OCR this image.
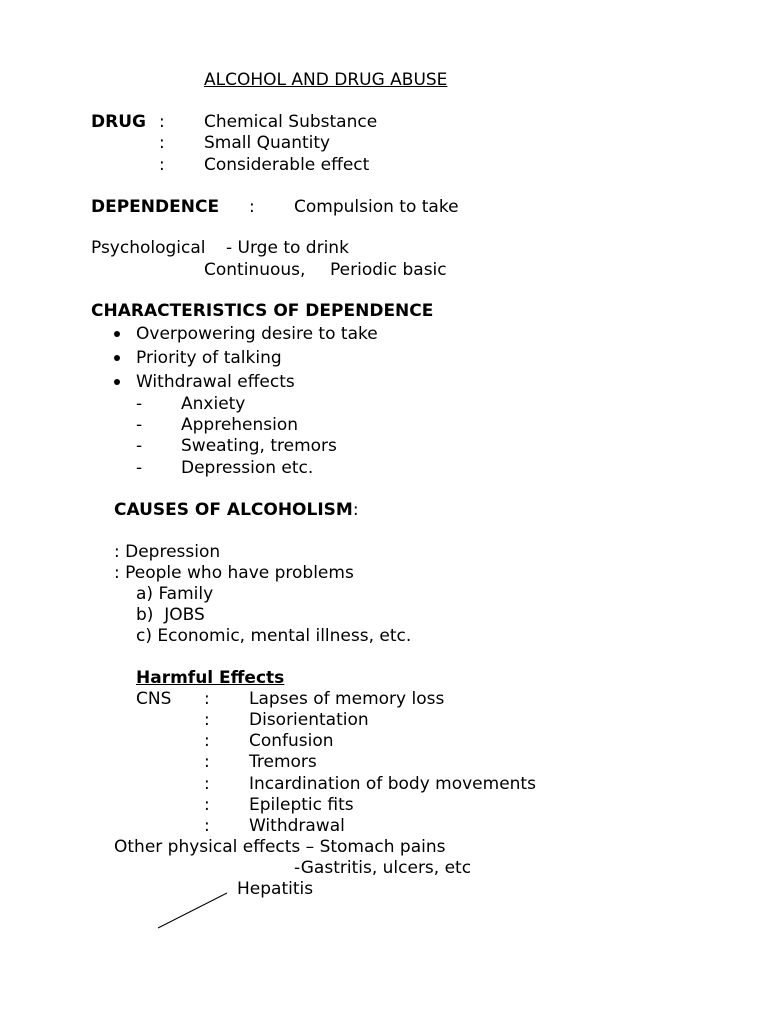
ALCOHOL AND DRUG ABUSE
DRUG : Chemical Substance
: Small Quantity
: Considerable effect
DEPENDENCE : Compulsion to take
Psychological - Urge to drink
Continuous, Periodic basic
CHARACTERISTICS OF DEPENDENCE
Overpowering desire to take
Priority of talking
Withdrawal effects
- Anxiety
- Apprehension
- Sweating, tremors
- Depression etc.
CAUSES OF ALCOHOLISM:
: Depression
: People who have problems
a) Family
b)  JOBS
c) Economic, mental illness, etc.
Harmful Effects
CNS : Lapses of memory loss
: Disorientation
: Confusion
: Tremors
: Incardination of body movements
: Epileptic fits
: Withdrawal
Other physical effects – Stomach pains
-Gastritis, ulcers, etc
Hepatitis
